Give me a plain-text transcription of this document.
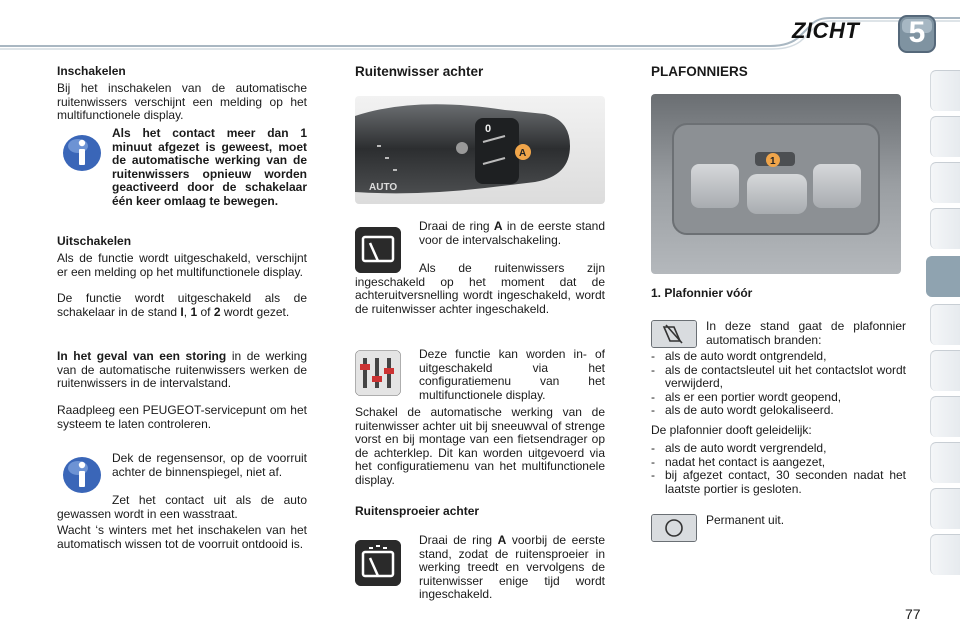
ZICHT	5
Inschakelen
Bij het inschakelen van de automatische ruitenwissers verschijnt een melding op het multifunctionele display.
Als het contact meer dan 1 minuut afgezet is geweest, moet de automatische werking van de ruitenwissers opnieuw worden geactiveerd door de schakelaar één keer omlaag te bewegen.
Uitschakelen
Als de functie wordt uitgeschakeld, verschijnt er een melding op het multifunctionele display.
De functie wordt uitgeschakeld als de schakelaar in de stand I, 1 of 2 wordt gezet.
In het geval van een storing in de werking van de automatische ruitenwissers werken de ruitenwissers in de intervalstand.
Raadpleeg een PEUGEOT-servicepunt om het systeem te laten controleren.
Dek de regensensor, op de voorruit achter de binnenspiegel, niet af.
Zet het contact uit als de auto gewassen wordt in een wasstraat.
Wacht ‘s winters met het inschakelen van het automatisch wissen tot de voorruit ontdooid is.
Ruitenwisser achter
AUTO
0
A
Draai de ring A in de eerste stand voor de intervalschakeling.
Als de ruitenwissers zijn ingeschakeld op het moment dat de achteruitversnelling wordt ingeschakeld, wordt de ruitenwisser achter ingeschakeld.
Deze functie kan worden in- of uitgeschakeld via het configuratiemenu van het multifunctionele display.
Schakel de automatische werking van de ruitenwisser achter uit bij sneeuwval of strenge vorst en bij montage van een fietsendrager op de achterklep. Dit kan worden uitgevoerd via het configuratiemenu van het multifunctionele display.
Ruitensproeier achter
Draai de ring A voorbij de eerste stand, zodat de ruitensproeier in werking treedt en vervolgens de ruitenwisser enige tijd wordt ingeschakeld.
PLAFONNIERS
1
1. Plafonnier vóór
In deze stand gaat de plafonnier automatisch branden:
- als de auto wordt ontgrendeld,
- als de contactsleutel uit het contactslot wordt verwijderd,
- als er een portier wordt geopend,
- als de auto wordt gelokaliseerd.
De plafonnier dooft geleidelijk:
- als de auto wordt vergrendeld,
- nadat het contact is aangezet,
- bij afgezet contact, 30 seconden nadat het laatste portier is gesloten.
Permanent uit.
77
